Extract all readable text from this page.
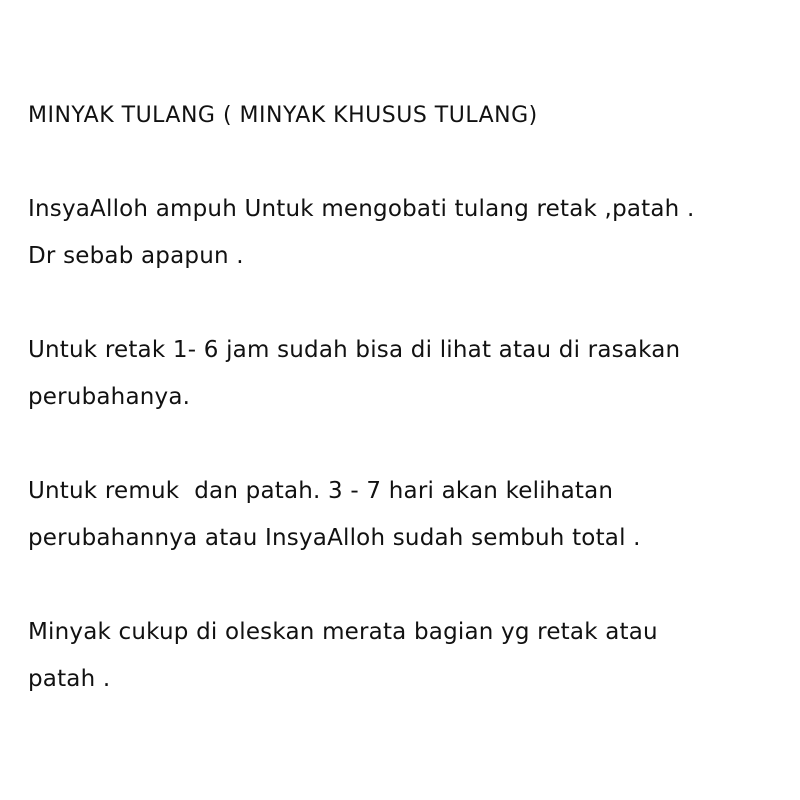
MINYAK TULANG ( MINYAK KHUSUS TULANG)

InsyaAlloh ampuh Untuk mengobati tulang retak ,patah .

Dr sebab apapun .

Untuk retak 1- 6 jam sudah bisa di lihat atau di rasakan

perubahanya.

Untuk remuk  dan patah. 3 - 7 hari akan kelihatan

perubahannya atau InsyaAlloh sudah sembuh total .

Minyak cukup di oleskan merata bagian yg retak atau

patah .
